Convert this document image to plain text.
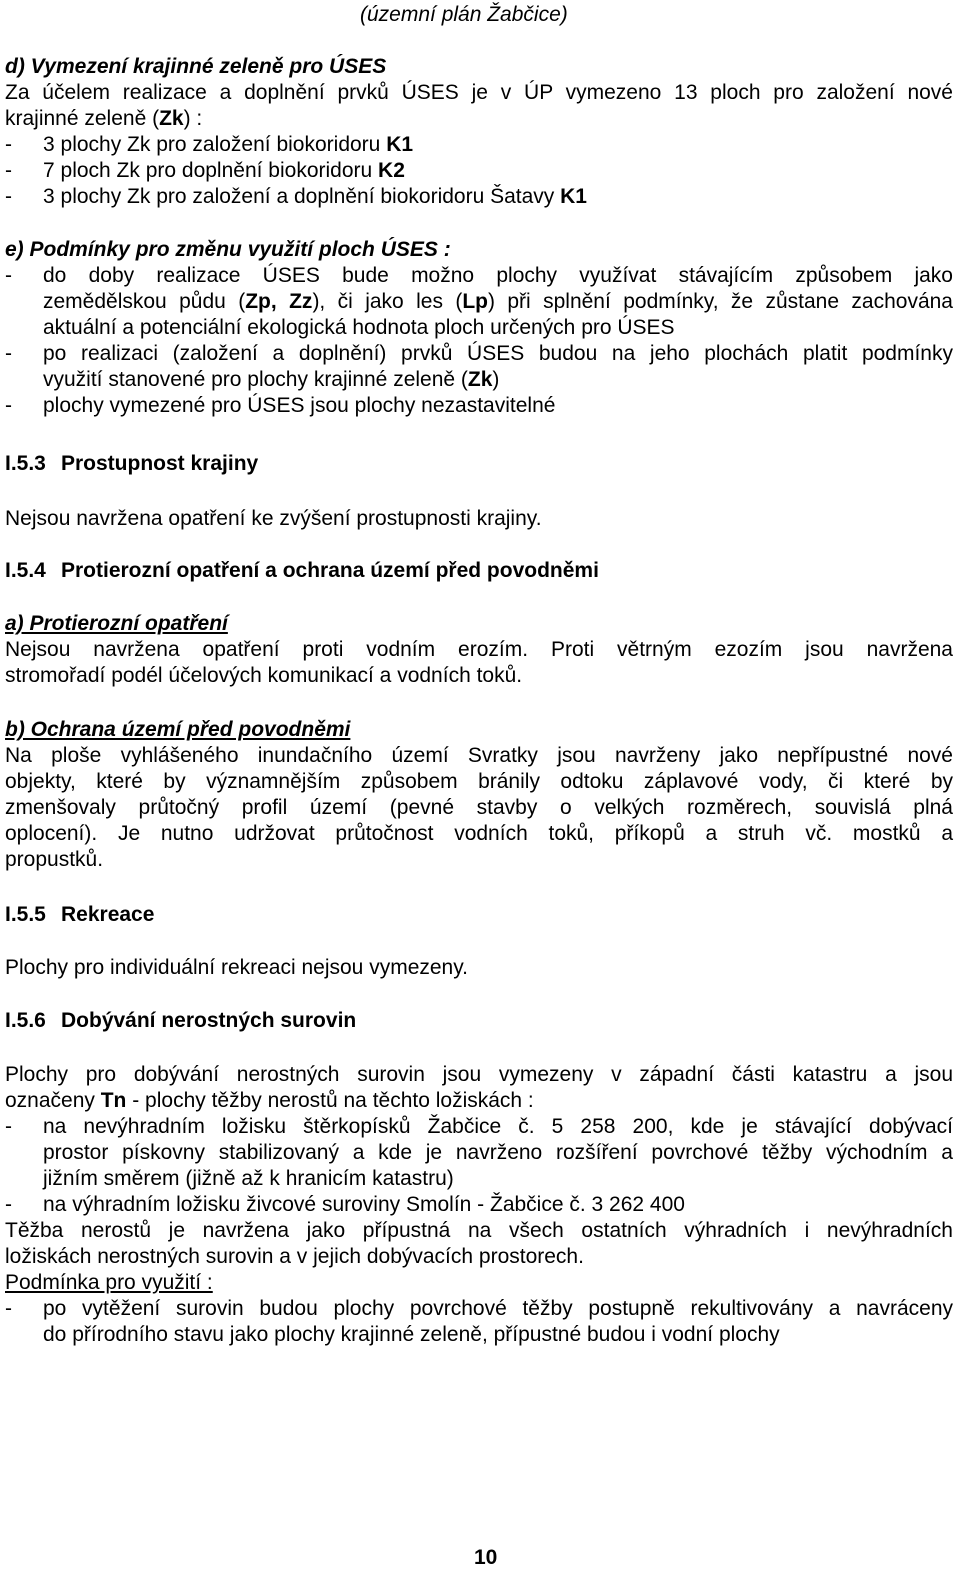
(územní plán Žabčice)
d) Vymezení krajinné zeleně pro ÚSES
Za účelem realizace a doplnění prvků ÚSES je v ÚP vymezeno 13 ploch pro založení nové
krajinné zeleně (Zk) :
- 3 plochy Zk pro založení biokoridoru K1
- 7 ploch Zk pro doplnění biokoridoru K2
- 3 plochy Zk pro založení a doplnění biokoridoru Šatavy K1
e) Podmínky pro změnu využití ploch ÚSES :
-	do doby realizace ÚSES bude možno plochy využívat stávajícím způsobem jako
zemědělskou půdu (Zp, Zz), či jako les (Lp) při splnění podmínky, že zůstane zachována
aktuální a potenciální ekologická hodnota ploch určených pro ÚSES
-	po realizaci (založení a doplnění) prvků ÚSES budou na jeho plochách platit podmínky
využití stanovené pro plochy krajinné zeleně (Zk)
- plochy vymezené pro ÚSES jsou plochy nezastavitelné
I.5.3 Prostupnost krajiny
Nejsou navržena opatření ke zvýšení prostupnosti krajiny.
I.5.4 Protierozní opatření a ochrana území před povodněmi
a) Protierozní opatření
Nejsou navržena opatření proti vodním erozím. Proti větrným ezozím jsou navržena
stromořadí podél účelových komunikací a vodních toků.
b) Ochrana území před povodněmi
Na ploše vyhlášeného inundačního území Svratky jsou navrženy jako nepřípustné nové
objekty, které by významnějším způsobem bránily odtoku záplavové vody, či které by
zmenšovaly průtočný profil území (pevné stavby o velkých rozměrech, souvislá plná
oplocení). Je nutno udržovat průtočnost vodních toků, příkopů a struh vč. mostků a
propustků.
I.5.5 Rekreace
Plochy pro individuální rekreaci nejsou vymezeny.
I.5.6 Dobývání nerostných surovin
Plochy pro dobývání nerostných surovin jsou vymezeny v západní části katastru a jsou
označeny Tn - plochy těžby nerostů na těchto ložiskách :
-	na nevýhradním ložisku štěrkopísků Žabčice č. 5 258 200, kde je stávající dobývací
prostor pískovny stabilizovaný a kde je navrženo rozšíření povrchové těžby východním a
jižním směrem (jižně až k hranicím katastru)
- na výhradním ložisku živcové suroviny Smolín - Žabčice č. 3 262 400
Těžba nerostů je navržena jako přípustná na všech ostatních výhradních i nevýhradních
ložiskách nerostných surovin a v jejich dobývacích prostorech.
Podmínka pro využití :
-	po vytěžení surovin budou plochy povrchové těžby postupně rekultivovány a navráceny
do přírodního stavu jako plochy krajinné zeleně, přípustné budou i vodní plochy
10
